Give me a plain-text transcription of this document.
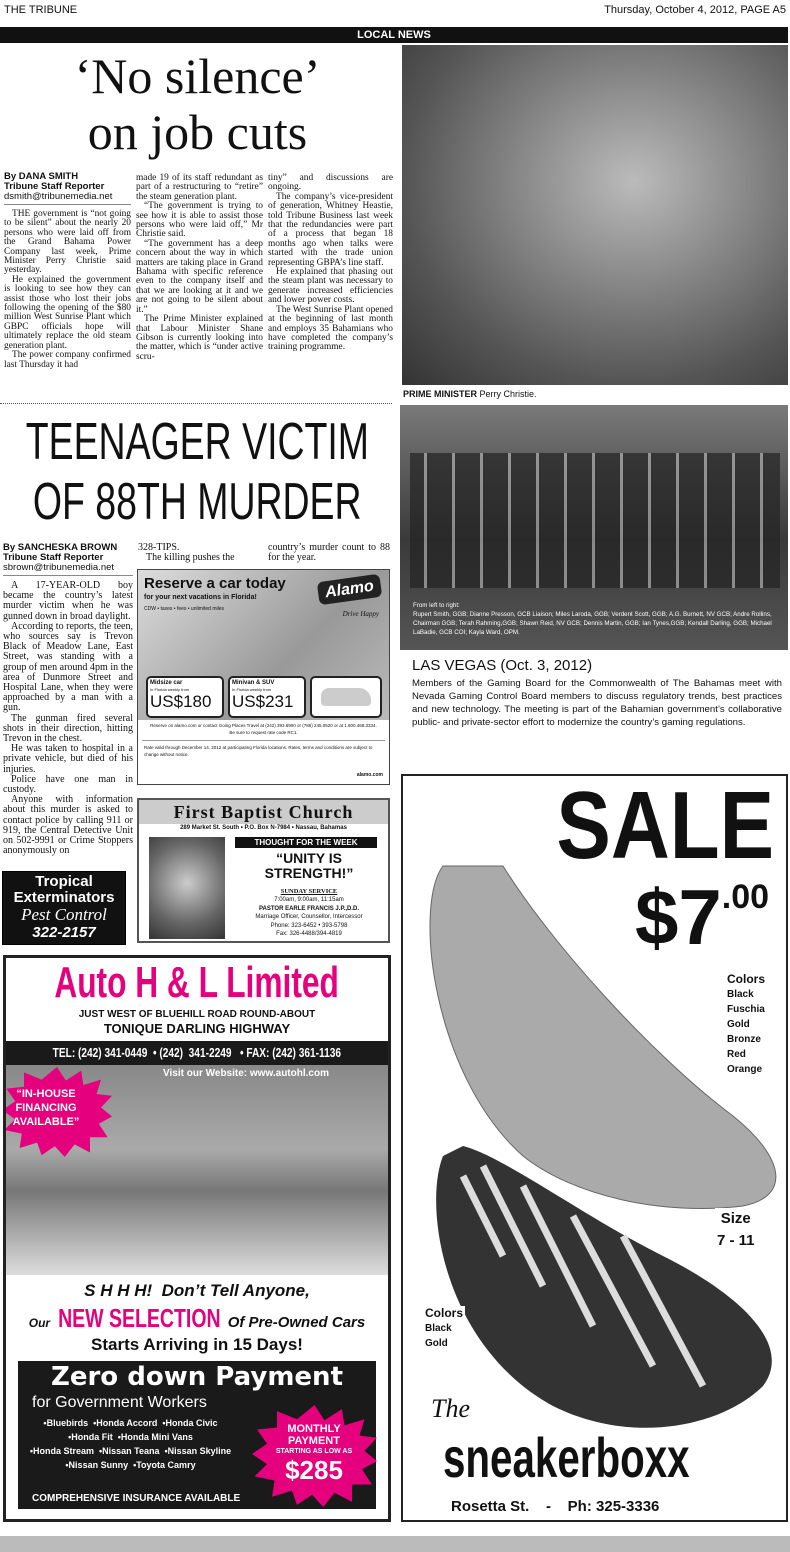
THE TRIBUNE	Thursday, October 4, 2012, PAGE A5
LOCAL NEWS
‘No silence’
on job cuts
By DANA SMITH
Tribune Staff Reporter
dsmith@tribunemedia.net

THE government is “not going to be silent” about the nearly 20 persons who were laid off from the Grand Bahama Power Company last week, Prime Minister Perry Christie said yesterday.

He explained the government is looking to see how they can assist those who lost their jobs following the opening of the $80 million West Sunrise Plant which GBPC officials hope will ultimately replace the old steam generation plant.

The power company confirmed last Thursday it had

made 19 of its staff redundant as part of a restructuring to “retire” the steam generation plant.

“The government is trying to see how it is able to assist those persons who were laid off,” Mr Christie said.

“The government has a deep concern about the way in which matters are taking place in Grand Bahama with specific reference even to the company itself and that we are looking at it and we are not going to be silent about it.”

The Prime Minister explained that Labour Minister Shane Gibson is currently looking into the matter, which is “under active scru-

tiny” and discussions are ongoing.

The company’s vice-president of generation, Whitney Heastie, told Tribune Business last week that the redundancies were part of a process that began 18 months ago when talks were started with the trade union representing GBPA’s line staff.

He explained that phasing out the steam plant was necessary to generate increased efficiencies and lower power costs.

The West Sunrise Plant opened at the beginning of last month and employs 35 Bahamians who have completed the company’s training programme.

PRIME MINISTER Perry Christie.
TEENAGER VICTIM
OF 88TH MURDER
By SANCHESKA BROWN
Tribune Staff Reporter
sbrown@tribunemedia.net

A 17-YEAR-OLD boy became the country’s latest murder victim when he was gunned down in broad daylight.

According to reports, the teen, who sources say is Trevon Black of Meadow Lane, East Street, was standing with a group of men around 4pm in the area of Dunmore Street and Hospital Lane, when they were approached by a man with a gun.

The gunman fired several shots in their direction, hitting Trevon in the chest.

He was taken to hospital in a private vehicle, but died of his injuries.

Police have one man in custody.

Anyone with information about this murder is asked to contact police by calling 911 or 919, the Central Detective Unit on 502-9991 or Crime Stoppers anonymously on

328-TIPS.

The killing pushes the

country’s murder count to 88 for the year.

Tropical
Exterminators
Pest Control
322-2157
Reserve a car today
for your next vacations in Florida!
CDW • taxes • fees • unlimited miles
Alamo
Drive Happy
Midsize car
In Florida weekly from
US$180
Minivan & SUV
In Florida weekly from
US$231
Reserve on alamo.com or contact Going Places Travel at (242) 393.6900 or (786) 245.0520 or at 1.800.468.3334. Be sure to request rate code RC1.
Rate valid through December 14, 2012 at participating Florida locations. Rates, terms and conditions are subject to change without notice.
alamo.com
First Baptist Church
289 Market St. South • P.O. Box N-7984 • Nassau, Bahamas
THOUGHT FOR THE WEEK
“UNITY IS STRENGTH!”
SUNDAY SERVICE
7:00am, 9:00am, 11:15am
PASTOR EARLE FRANCIS J.P.,D.D.
Marriage Officer, Counsellor, Intercessor
Phone: 323-6452 • 393-5798
Fax: 326-4488/394-4819
From left to right:
Rupert Smith, GGB; Dianne Presson, GCB Liaison; Miles Laroda, GGB; Verdent Scott, GGB; A.G. Burnett, NV GCB; Andre Rollins, Chairman GGB; Terah Rahming,GGB; Shawn Reid, NV GCB; Dennis Martin, GGB; Ian Tynes,GGB; Kendall Darling, GGB; Michael LaBadie, GCB COI; Kayla Ward, OPM.
LAS VEGAS (Oct. 3, 2012)
Members of the Gaming Board for the Commonwealth of The Bahamas meet with Nevada Gaming Control Board members to discuss regulatory trends, best practices and new technology. The meeting is part of the Bahamian government’s collaborative public- and private-sector effort to modernize the country’s gaming regulations.
SALE
$\$7^{.00}$
Colors
Black
Fuschia
Gold
Bronze
Red
Orange
Size
7 - 11
Colors
Black
Gold
The
sneakerboxx
Rosetta St.    -    Ph: 325-3336
Auto H & L Limited
JUST WEST OF BLUEHILL ROAD ROUND-ABOUT
TONIQUE DARLING HIGHWAY
TEL: (242) 341-0449  • (242)  341-2249   • FAX: (242) 361-1136
Visit our Website: www.autohl.com
“IN-HOUSE FINANCING AVAILABLE”
S H H H!  Don’t Tell Anyone,
Our
NEW SELECTION
Of Pre-Owned Cars
Starts Arriving in 15 Days!
Zero down Payment
for Government Workers
•Bluebirds  •Honda Accord  •Honda Civic
•Honda Fit  •Honda Mini Vans
•Honda Stream  •Nissan Teana  •Nissan Skyline
•Nissan Sunny  •Toyota Camry
COMPREHENSIVE INSURANCE AVAILABLE
MONTHLY
PAYMENT
STARTING AS LOW AS
$285
